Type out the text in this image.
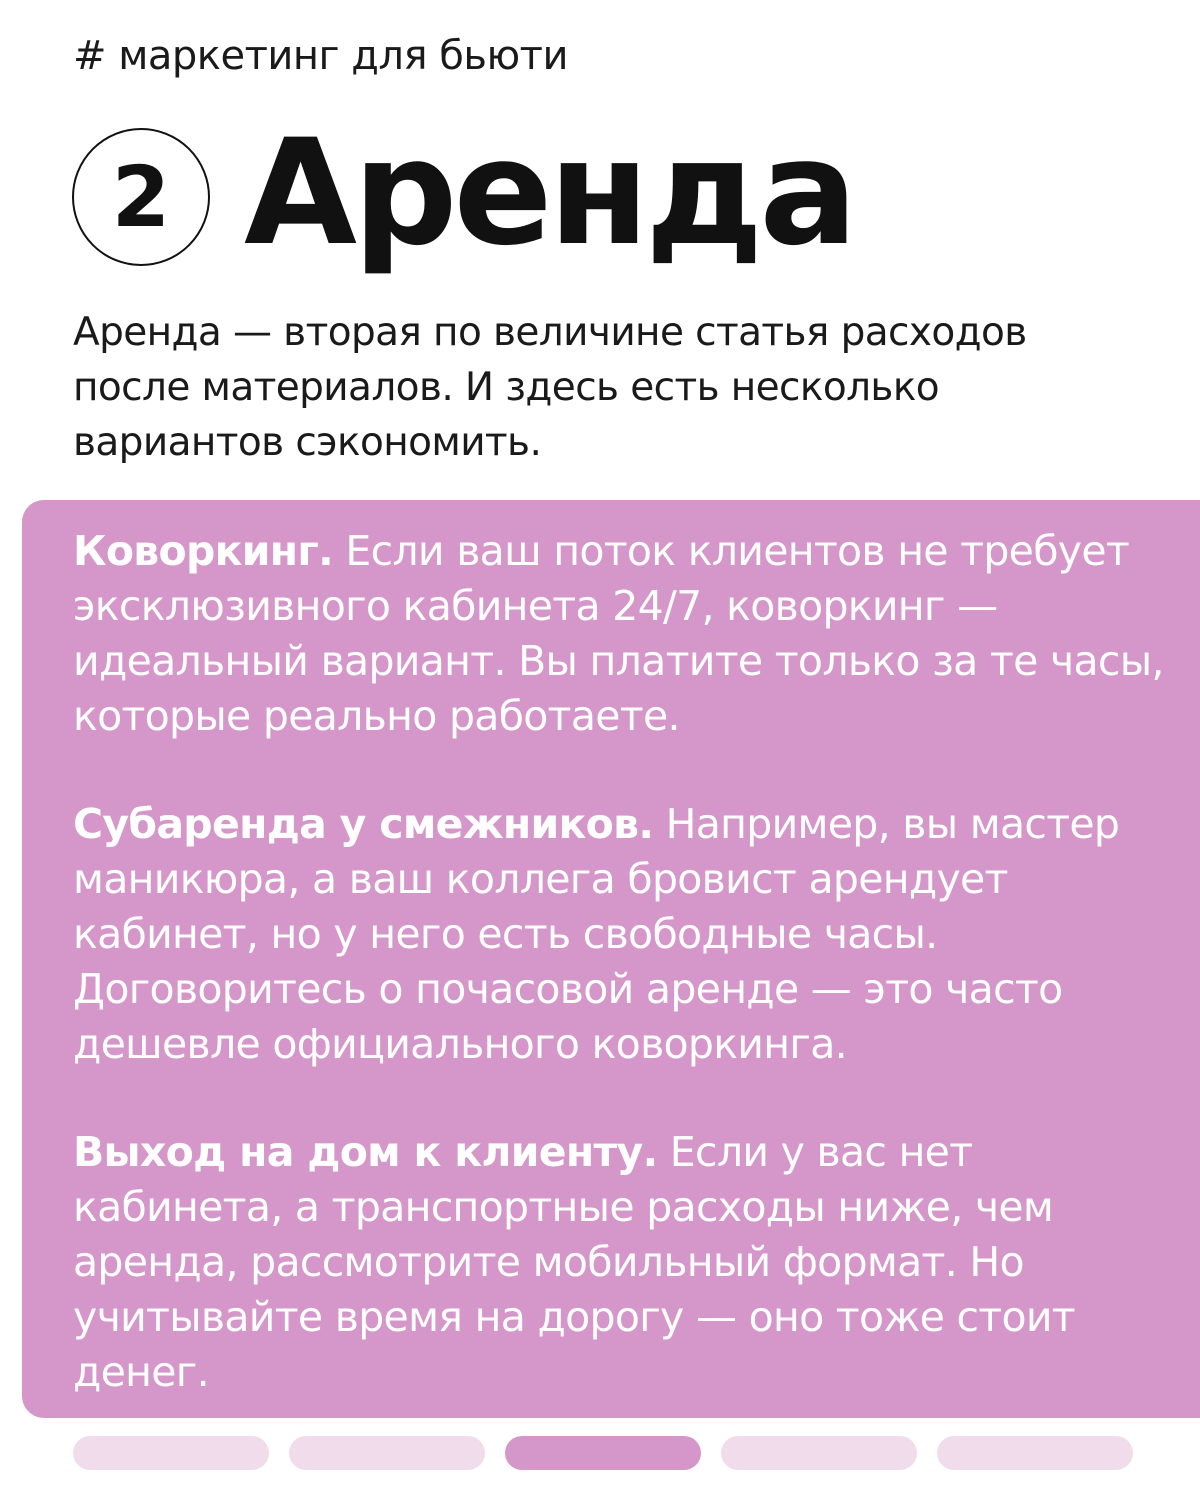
# маркетинг для бьюти
2 Аренда

Аренда — вторая по величине статья расходов после материалов. И здесь есть несколько вариантов сэкономить.

Коворкинг. Если ваш поток клиентов не требует эксклюзивного кабинета 24/7, коворкинг — идеальный вариант. Вы платите только за те часы, которые реально работаете.

Субаренда у смежников. Например, вы мастер маникюра, а ваш коллега бровист арендует кабинет, но у него есть свободные часы. Договоритесь о почасовой аренде — это часто дешевле официального коворкинга.

Выход на дом к клиенту. Если у вас нет кабинета, а транспортные расходы ниже, чем аренда, рассмотрите мобильный формат. Но учитывайте время на дорогу — оно тоже стоит денег.
